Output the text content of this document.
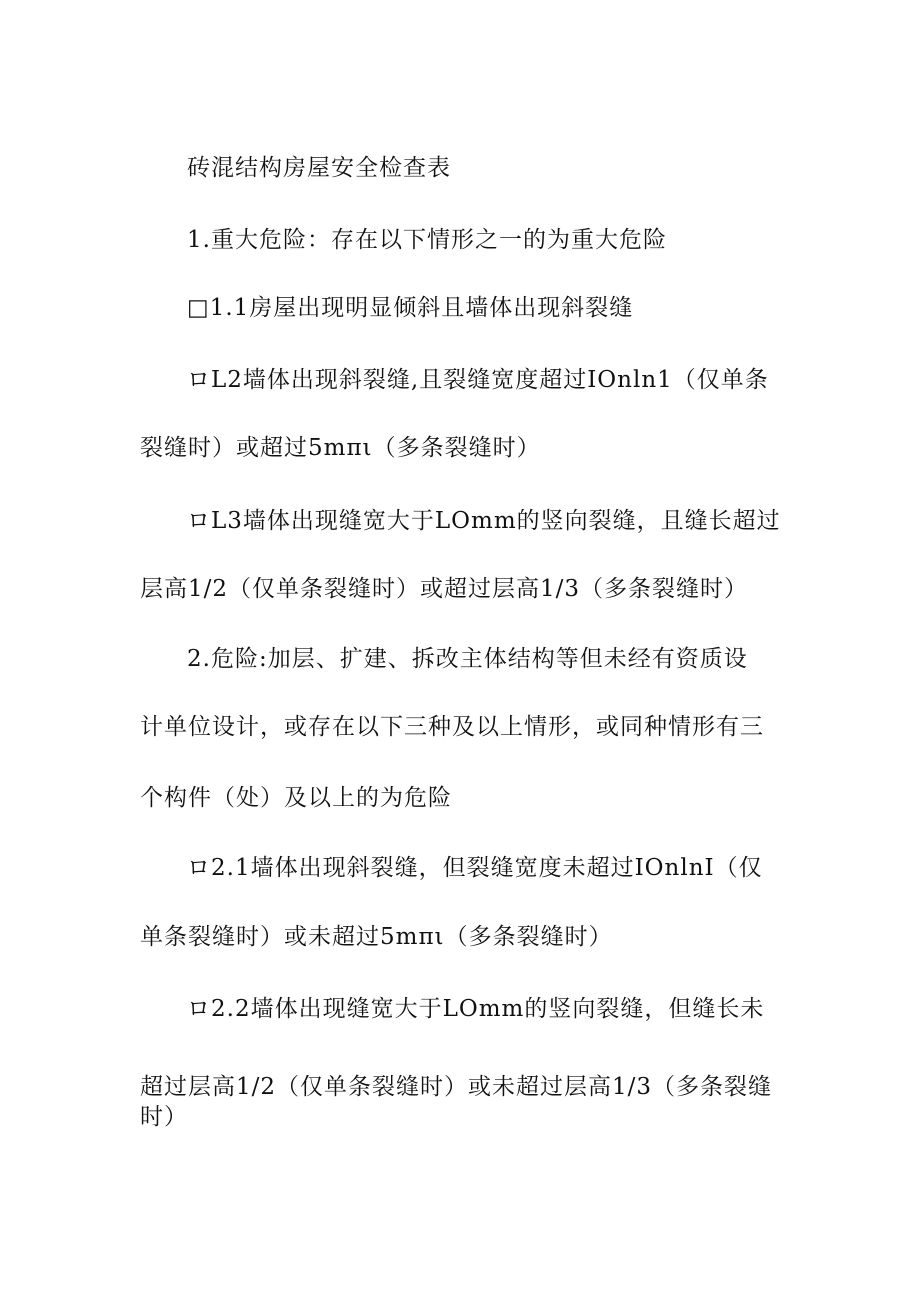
砖混结构房屋安全检查表
1.重大危险：存在以下情形之一的为重大危险
□1.1房屋出现明显倾斜且墙体出现斜裂缝
ロL2墙体出现斜裂缝,且裂缝宽度超过IOnln1（仅单条
裂缝时）或超过5mπι（多条裂缝时）
ロL3墙体出现缝宽大于LOmm的竖向裂缝，且缝长超过
层高1/2（仅单条裂缝时）或超过层高1/3（多条裂缝时）
2.危险:加层、扩建、拆改主体结构等但未经有资质设
计单位设计，或存在以下三种及以上情形，或同种情形有三
个构件（处）及以上的为危险
ロ2.1墙体出现斜裂缝，但裂缝宽度未超过IOnlnI（仅
单条裂缝时）或未超过5mπι（多条裂缝时）
ロ2.2墙体出现缝宽大于LOmm的竖向裂缝，但缝长未
超过层高1/2（仅单条裂缝时）或未超过层高1/3（多条裂缝
时）
